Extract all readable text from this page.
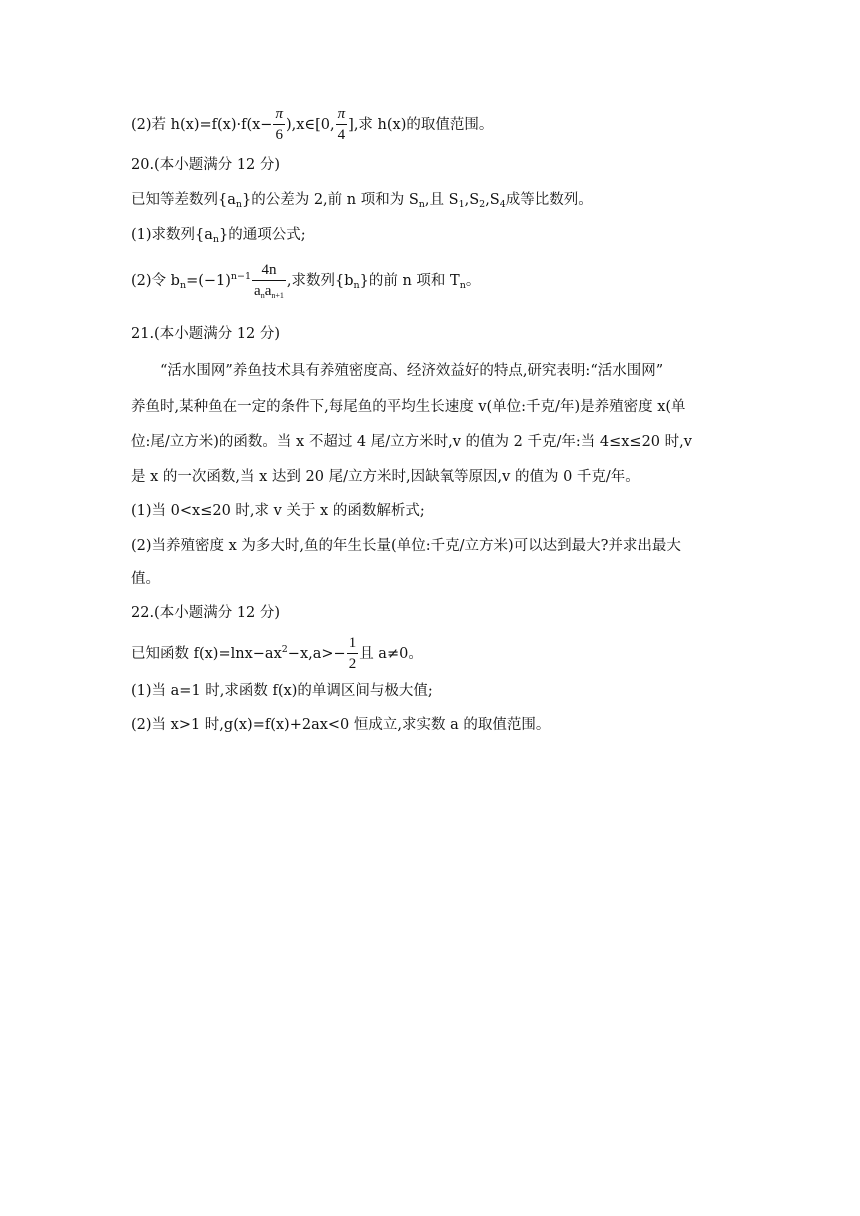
(2)若 $h(x)=f(x)\cdot f(x- \frac{\pi}{6}$ ),x∈[0, $\frac{\pi}{4}$ ],求 h(x)的取值范围。
20.(本小题满分 12 分)
已知等差数列$\{a_n\}$的公差为 2,前 n 项和为 $S_n$,且 $S_1,S_2,S_4$成等比数列。
(1)求数列$\{a_n\}$的通项公式;
(2)令 $b_n=(-1)^{n-1} \frac{4n}{a_na_{n+1}}$ ,求数列$\{b_n\}$的前 n 项和 $T_n$。
21.(本小题满分 12 分)
“活水围网”养鱼技术具有养殖密度高、经济效益好的特点,研究表明:“活水围网”
养鱼时,某种鱼在一定的条件下,每尾鱼的平均生长速度 v(单位:千克/年)是养殖密度 x(单
位:尾/立方米)的函数。当 x 不超过 4 尾/立方米时,v 的值为 2 千克/年:当 4≤x≤20 时,v
是 x 的一次函数,当 x 达到 20 尾/立方米时,因缺氧等原因,v 的值为 0 千克/年。
(1)当 0<x≤20 时,求 v 关于 x 的函数解析式;
(2)当养殖密度 x 为多大时,鱼的年生长量(单位:千克/立方米)可以达到最大?并求出最大
值。
22.(本小题满分 12 分)
已知函数 $f(x)=\ln x-ax^2-x,a>- \frac{1}{2}$ 且 a≠0。
(1)当 a=1 时,求函数 f(x)的单调区间与极大值;
(2)当 x>1 时,g(x)=f(x)+2ax<0 恒成立,求实数 a 的取值范围。
